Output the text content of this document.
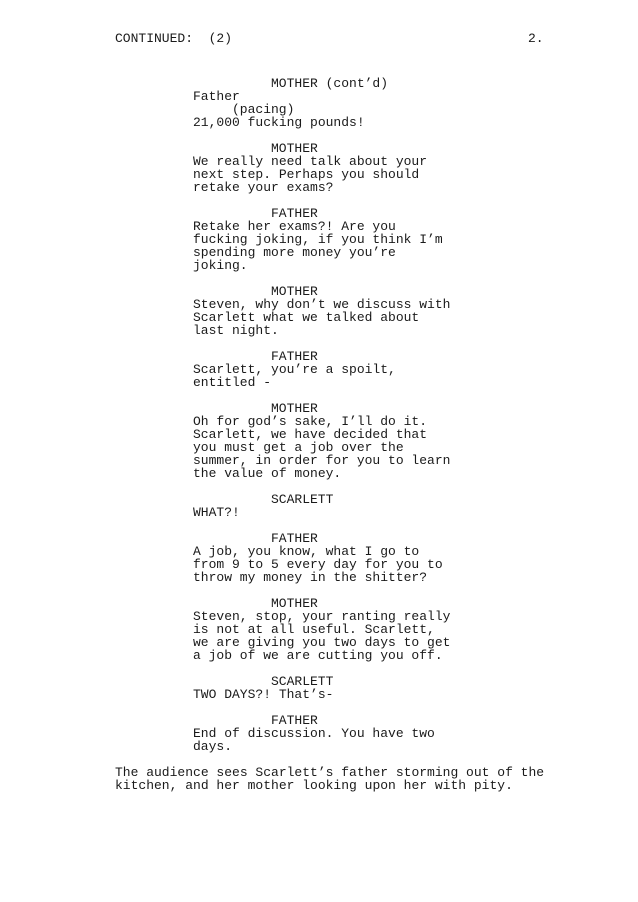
CONTINUED:  (2)	2.
MOTHER (cont’d)
Father
(pacing)
21,000 fucking pounds!
MOTHER
We really need talk about your
next step. Perhaps you should
retake your exams?
FATHER
Retake her exams?! Are you
fucking joking, if you think I’m
spending more money you’re
joking.
MOTHER
Steven, why don’t we discuss with
Scarlett what we talked about
last night.
FATHER
Scarlett, you’re a spoilt,
entitled -
MOTHER
Oh for god’s sake, I’ll do it.
Scarlett, we have decided that
you must get a job over the
summer, in order for you to learn
the value of money.
SCARLETT
WHAT?!
FATHER
A job, you know, what I go to
from 9 to 5 every day for you to
throw my money in the shitter?
MOTHER
Steven, stop, your ranting really
is not at all useful. Scarlett,
we are giving you two days to get
a job of we are cutting you off.
SCARLETT
TWO DAYS?! That’s-
FATHER
End of discussion. You have two
days.
The audience sees Scarlett’s father storming out of the
kitchen, and her mother looking upon her with pity.
